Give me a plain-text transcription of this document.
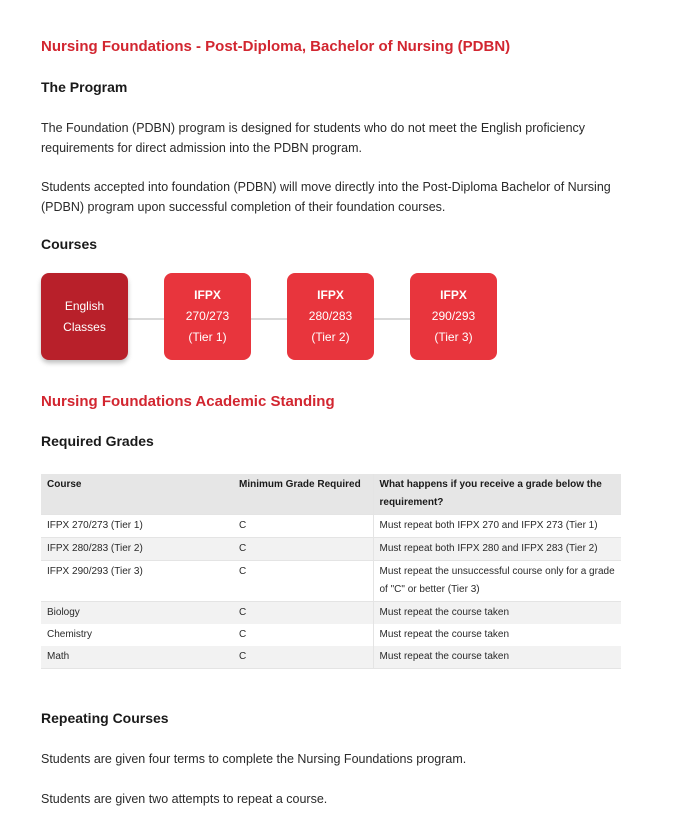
Nursing Foundations - Post-Diploma, Bachelor of Nursing (PDBN)
The Program
The Foundation (PDBN) program is designed for students who do not meet the English proficiency requirements for direct admission into the PDBN program.
Students accepted into foundation (PDBN) will move directly into the Post-Diploma Bachelor of Nursing (PDBN) program upon successful completion of their foundation courses.
Courses
English
Classes
IFPX
270/273
(Tier 1)
IFPX
280/283
(Tier 2)
IFPX
290/293
(Tier 3)
Nursing Foundations Academic Standing
Required Grades
Course	Minimum Grade Required	What happens if you receive a grade below the requirement?
IFPX 270/273 (Tier 1)	C	Must repeat both IFPX 270 and IFPX 273 (Tier 1)
IFPX 280/283 (Tier 2)	C	Must repeat both IFPX 280 and IFPX 283 (Tier 2)
IFPX 290/293 (Tier 3)	C	Must repeat the unsuccessful course only for a grade of "C" or better (Tier 3)
Biology	C	Must repeat the course taken
Chemistry	C	Must repeat the course taken
Math	C	Must repeat the course taken
Repeating Courses
Students are given four terms to complete the Nursing Foundations program.
Students are given two attempts to repeat a course.
